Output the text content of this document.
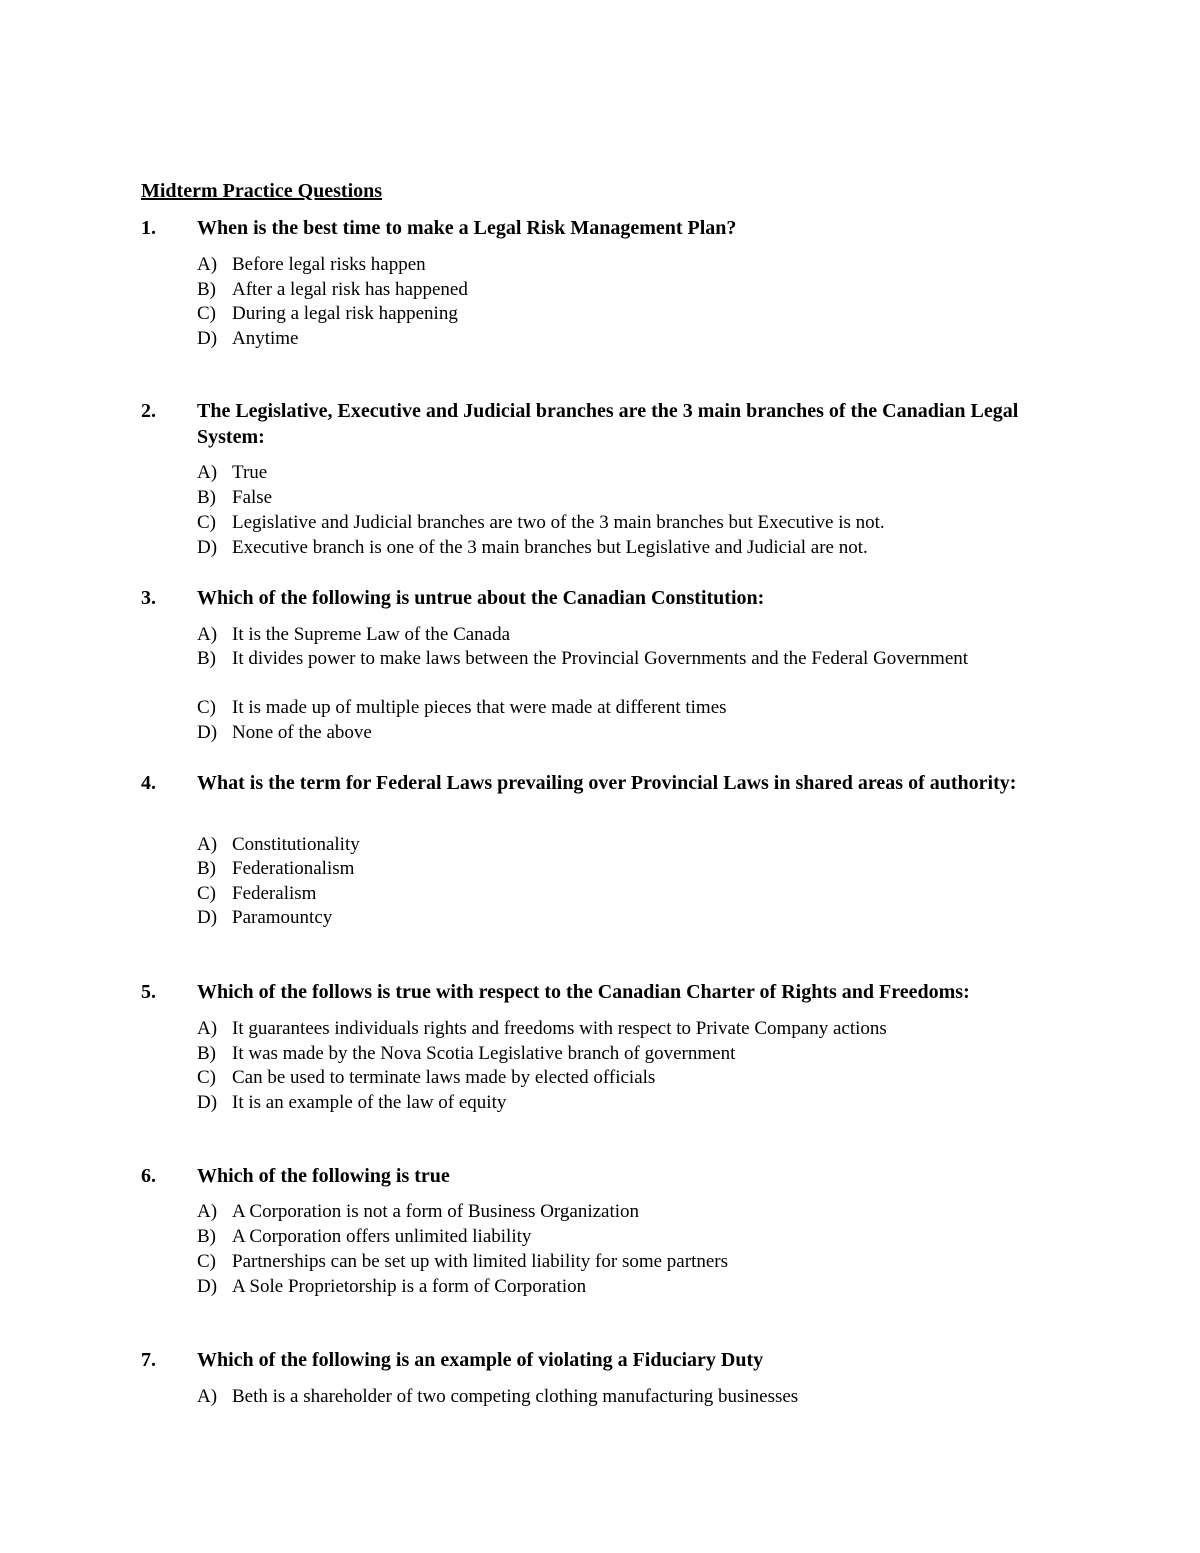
Midterm Practice Questions
1. When is the best time to make a Legal Risk Management Plan?
A) Before legal risks happen
B) After a legal risk has happened
C) During a legal risk happening
D) Anytime
2. The Legislative, Executive and Judicial branches are the 3 main branches of the Canadian Legal System:
A) True
B) False
C) Legislative and Judicial branches are two of the 3 main branches but Executive is not.
D) Executive branch is one of the 3 main branches but Legislative and Judicial are not.
3. Which of the following is untrue about the Canadian Constitution:
A) It is the Supreme Law of the Canada
B) It divides power to make laws between the Provincial Governments and the Federal Government
C) It is made up of multiple pieces that were made at different times
D) None of the above
4. What is the term for Federal Laws prevailing over Provincial Laws in shared areas of authority:
A) Constitutionality
B) Federationalism
C) Federalism
D) Paramountcy
5. Which of the follows is true with respect to the Canadian Charter of Rights and Freedoms:
A) It guarantees individuals rights and freedoms with respect to Private Company actions
B) It was made by the Nova Scotia Legislative branch of government
C) Can be used to terminate laws made by elected officials
D) It is an example of the law of equity
6. Which of the following is true
A) A Corporation is not a form of Business Organization
B) A Corporation offers unlimited liability
C) Partnerships can be set up with limited liability for some partners
D) A Sole Proprietorship is a form of Corporation
7. Which of the following is an example of violating a Fiduciary Duty
A) Beth is a shareholder of two competing clothing manufacturing businesses
